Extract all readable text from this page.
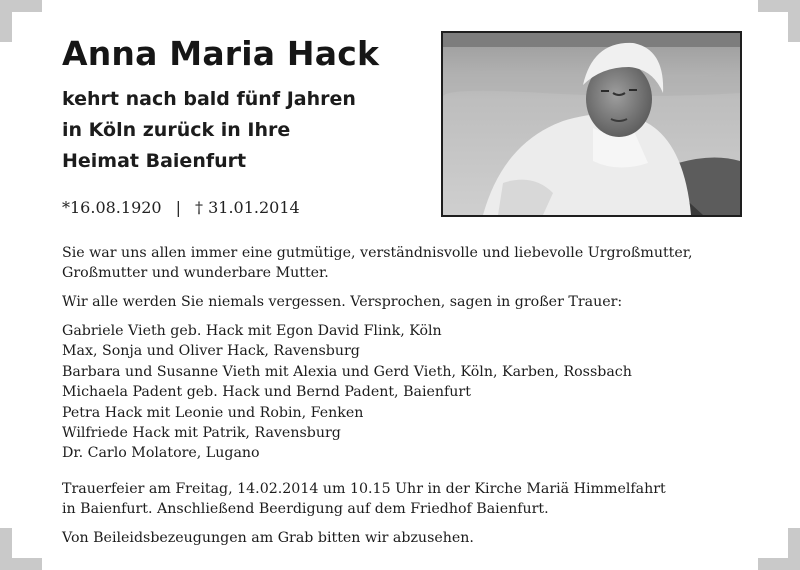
Anna Maria Hack
kehrt nach bald fünf Jahren
in Köln zurück in Ihre
Heimat Baienfurt
*16.08.1920 | † 31.01.2014
Sie war uns allen immer eine gutmütige, verständnisvolle und liebevolle Urgroßmutter,
Großmutter und wunderbare Mutter.
Wir alle werden Sie niemals vergessen. Versprochen, sagen in großer Trauer:
Gabriele Vieth geb. Hack mit Egon David Flink, Köln
Max, Sonja und Oliver Hack, Ravensburg
Barbara und Susanne Vieth mit Alexia und Gerd Vieth, Köln, Karben, Rossbach
Michaela Padent geb. Hack und Bernd Padent, Baienfurt
Petra Hack mit Leonie und Robin, Fenken
Wilfriede Hack mit Patrik, Ravensburg
Dr. Carlo Molatore, Lugano
Trauerfeier am Freitag, 14.02.2014 um 10.15 Uhr in der Kirche Mariä Himmelfahrt
in Baienfurt. Anschließend Beerdigung auf dem Friedhof Baienfurt.
Von Beileidsbezeugungen am Grab bitten wir abzusehen.
